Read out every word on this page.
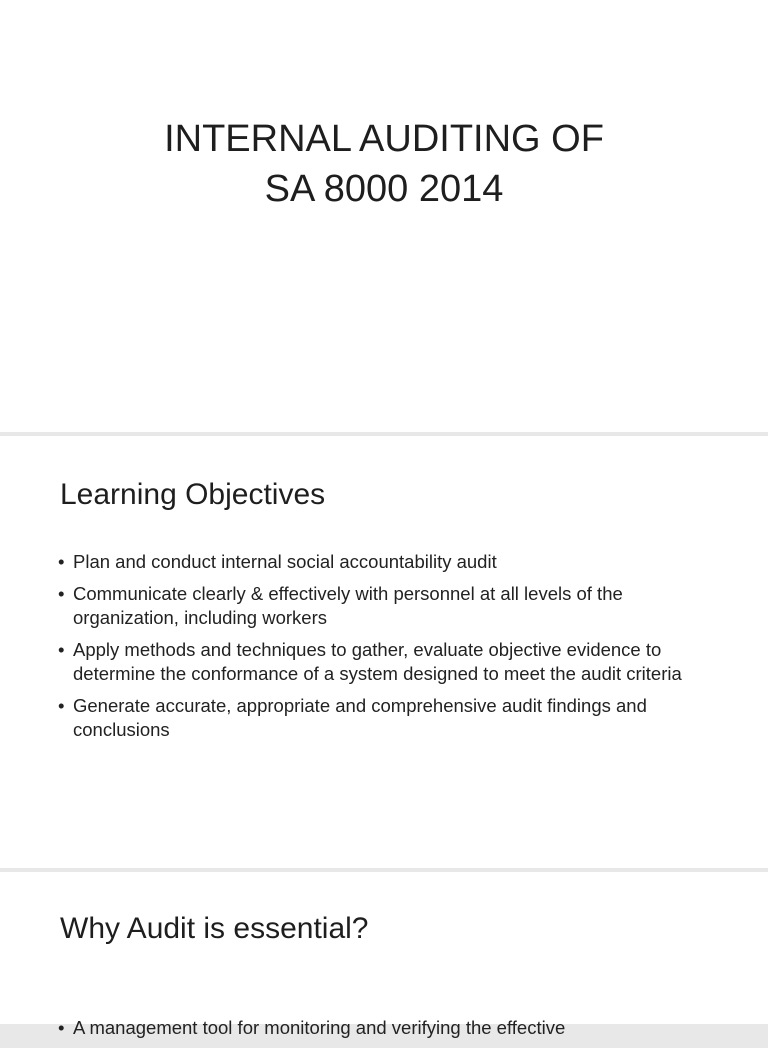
INTERNAL AUDITING OF
SA 8000 2014
Learning Objectives
• Plan and conduct internal social accountability audit
• Communicate clearly & effectively with personnel at all levels of the organization, including workers
• Apply methods and techniques to gather, evaluate objective evidence to determine the conformance of a system designed to meet the audit criteria
• Generate accurate, appropriate and comprehensive audit findings and conclusions
Why Audit is essential?
• A management tool for monitoring and verifying the effective
